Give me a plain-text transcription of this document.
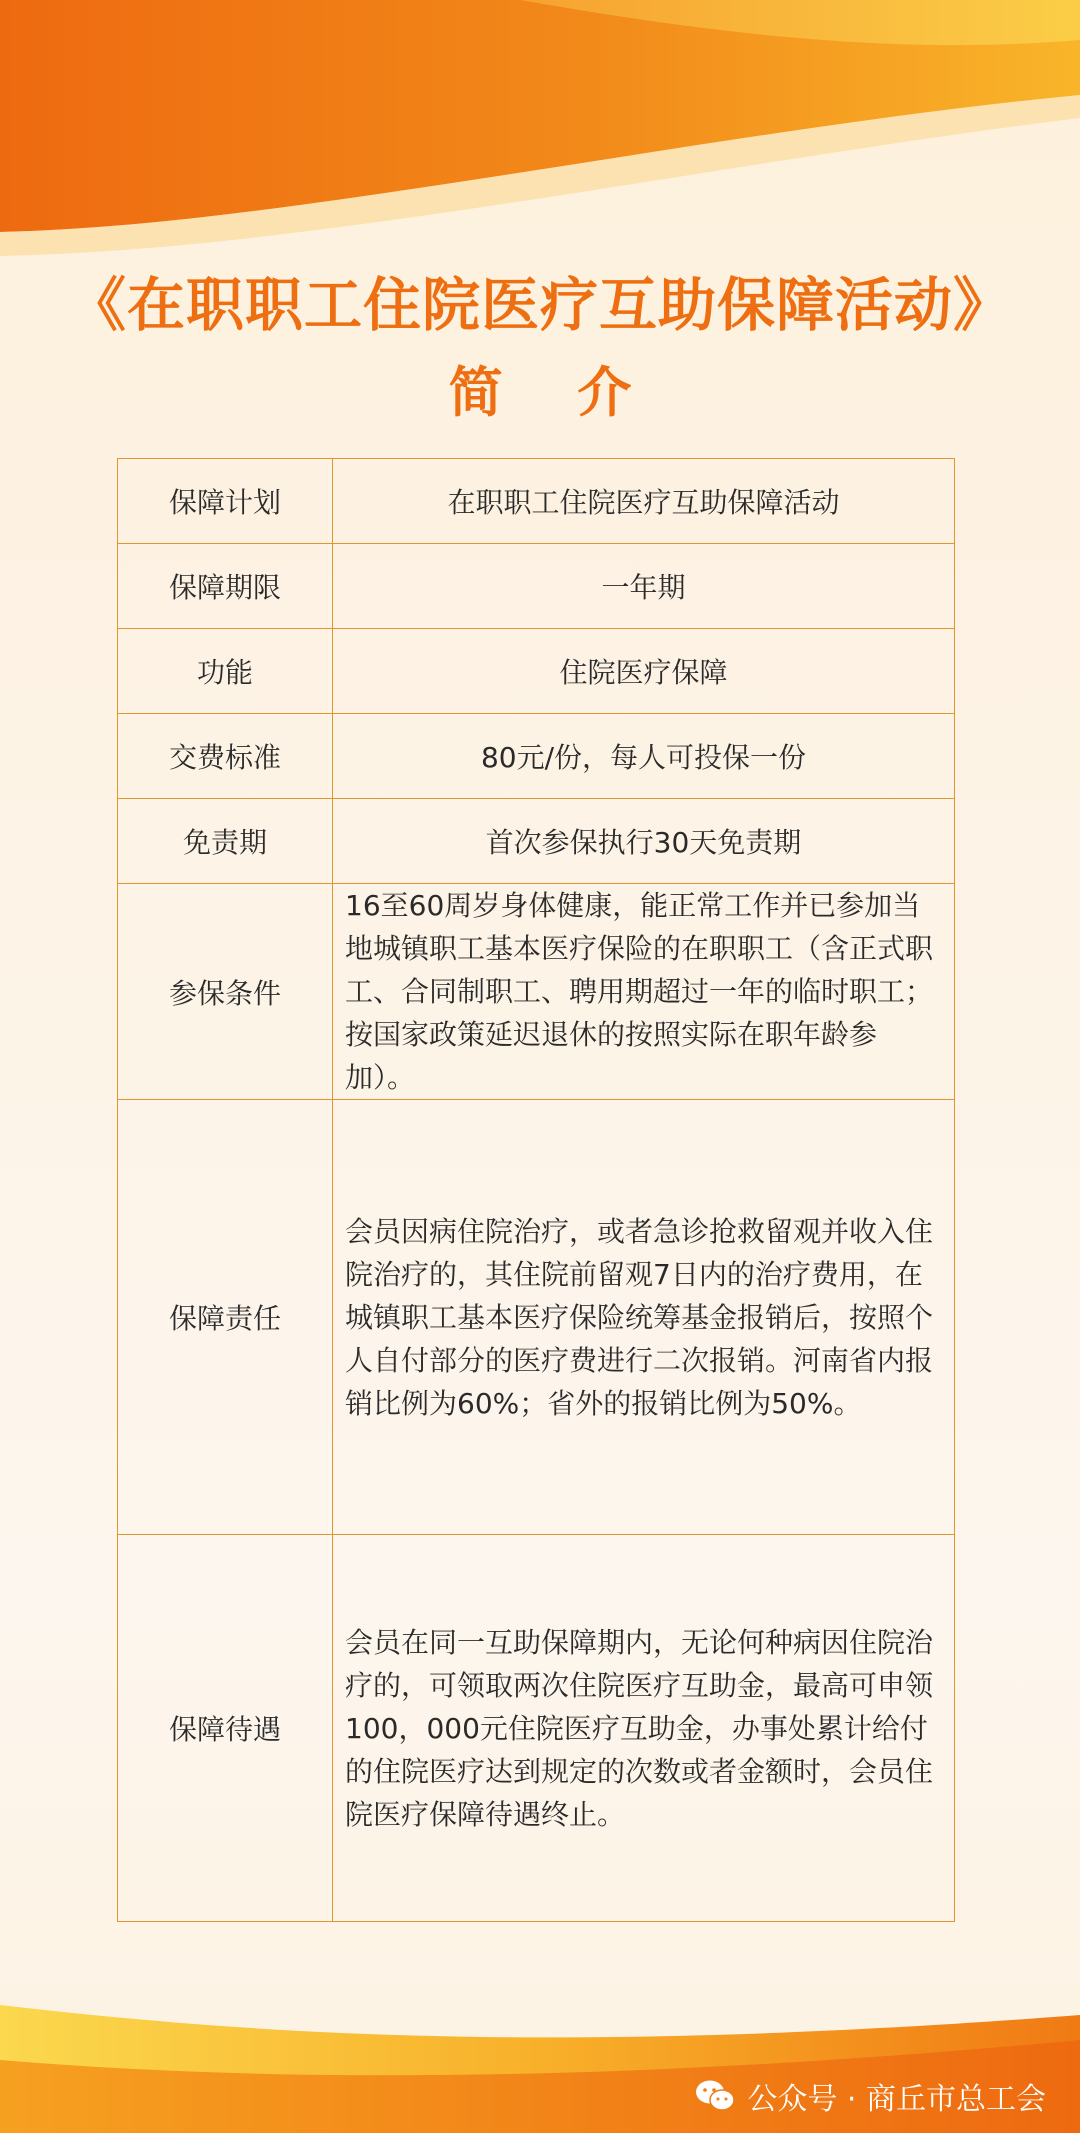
《在职职工住院医疗互助保障活动》
简 介
保障计划	在职职工住院医疗互助保障活动
保障期限	一年期
功能	住院医疗保障
交费标准	80元/份，每人可投保一份
免责期	首次参保执行30天免责期
参保条件	16至60周岁身体健康，能正常工作并已参加当地城镇职工基本医疗保险的在职职工（含正式职工、合同制职工、聘用期超过一年的临时职工；按国家政策延迟退休的按照实际在职年龄参加）。
保障责任	会员因病住院治疗，或者急诊抢救留观并收入住院治疗的，其住院前留观7日内的治疗费用，在城镇职工基本医疗保险统筹基金报销后，按照个人自付部分的医疗费进行二次报销。河南省内报销比例为60%；省外的报销比例为50%。
保障待遇	会员在同一互助保障期内，无论何种病因住院治疗的，可领取两次住院医疗互助金，最高可申领100，000元住院医疗互助金，办事处累计给付的住院医疗达到规定的次数或者金额时，会员住院医疗保障待遇终止。
公众号 · 商丘市总工会
